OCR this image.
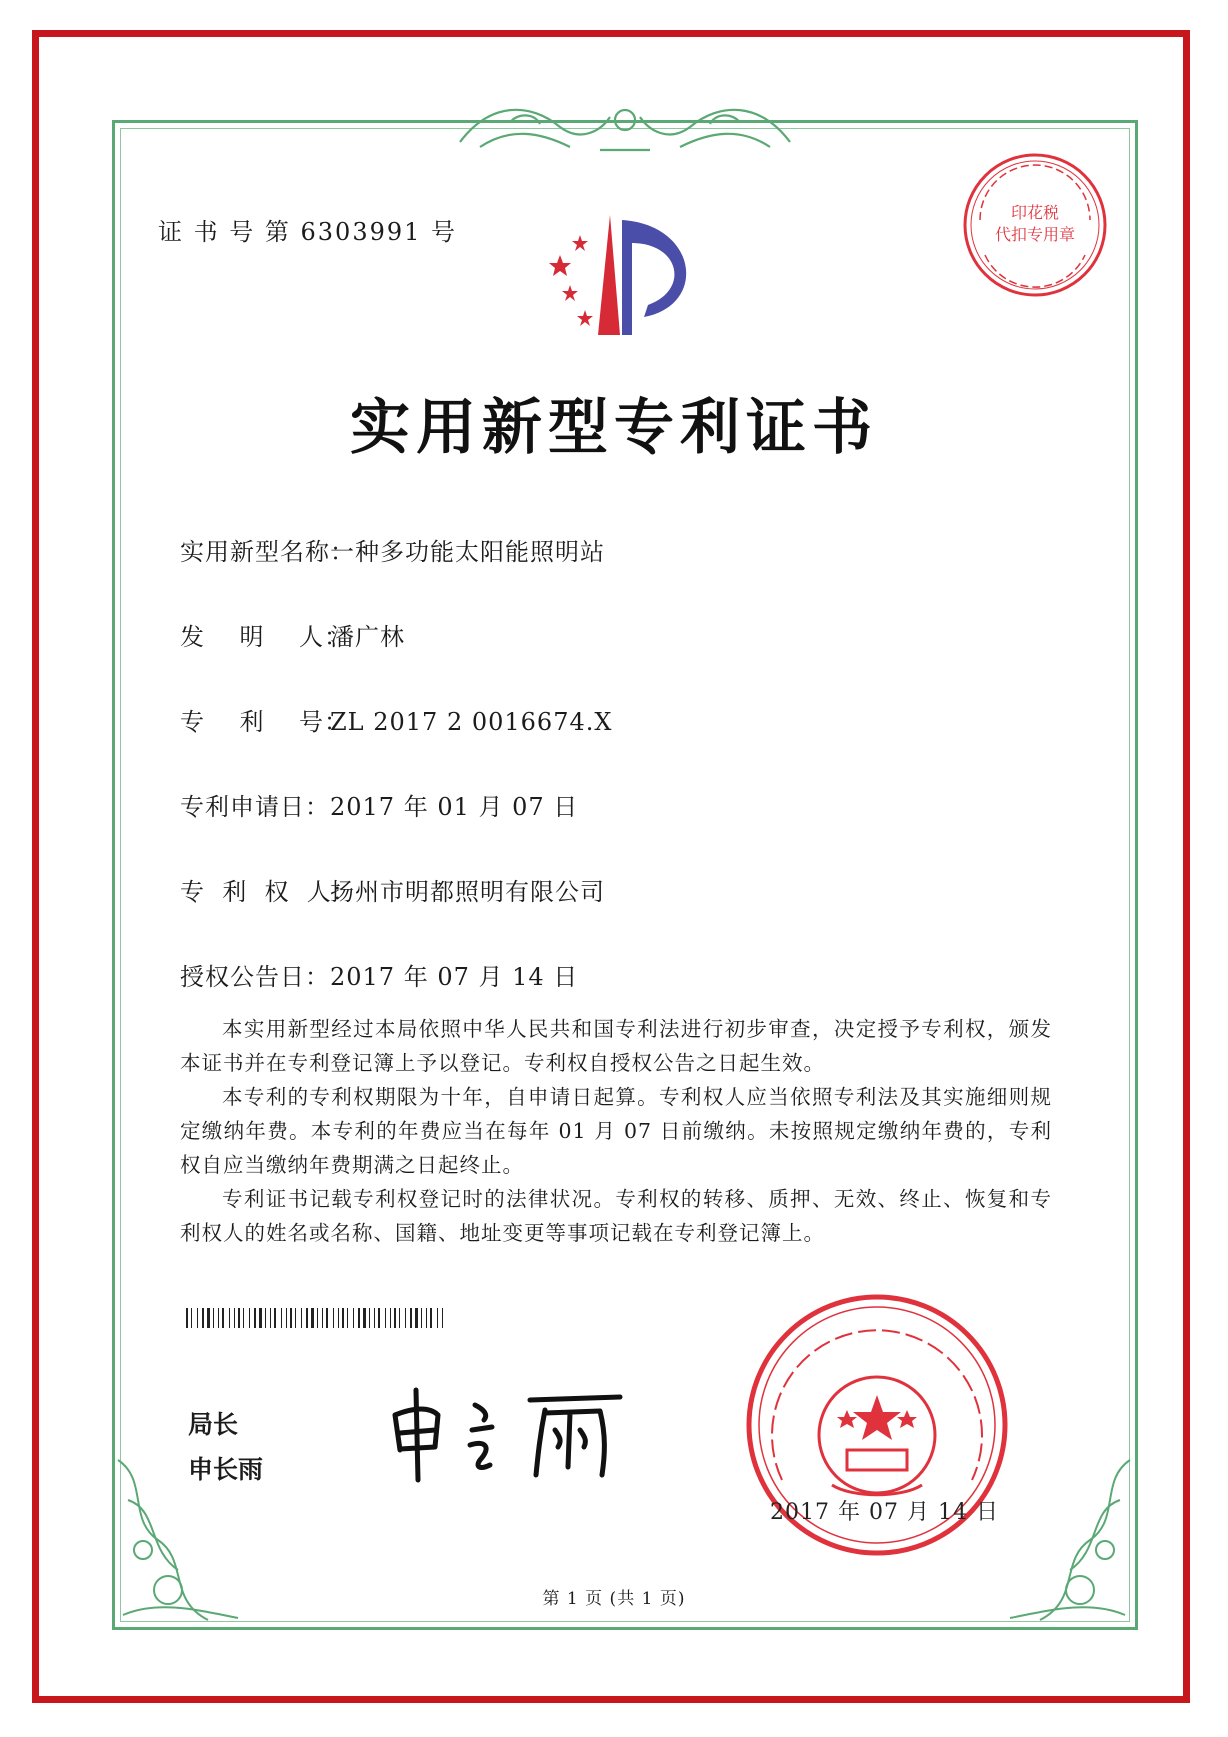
证 书 号 第 6303991 号
印花税
代扣专用章
实用新型专利证书
实用新型名称：一种多功能太阳能照明站
发    明    人：潘广林
专    利    号：ZL 2017 2 0016674.X
专利申请日：2017 年 01 月 07 日
专  利  权  人：扬州市明都照明有限公司
授权公告日：2017 年 07 月 14 日

本实用新型经过本局依照中华人民共和国专利法进行初步审查，决定授予专利权，颁发本证书并在专利登记簿上予以登记。专利权自授权公告之日起生效。

本专利的专利权期限为十年，自申请日起算。专利权人应当依照专利法及其实施细则规定缴纳年费。本专利的年费应当在每年 01 月 07 日前缴纳。未按照规定缴纳年费的，专利权自应当缴纳年费期满之日起终止。

专利证书记载专利权登记时的法律状况。专利权的转移、质押、无效、终止、恢复和专利权人的姓名或名称、国籍、地址变更等事项记载在专利登记簿上。

局长
申长雨
2017 年 07 月 14 日
第 1 页 (共 1 页)
